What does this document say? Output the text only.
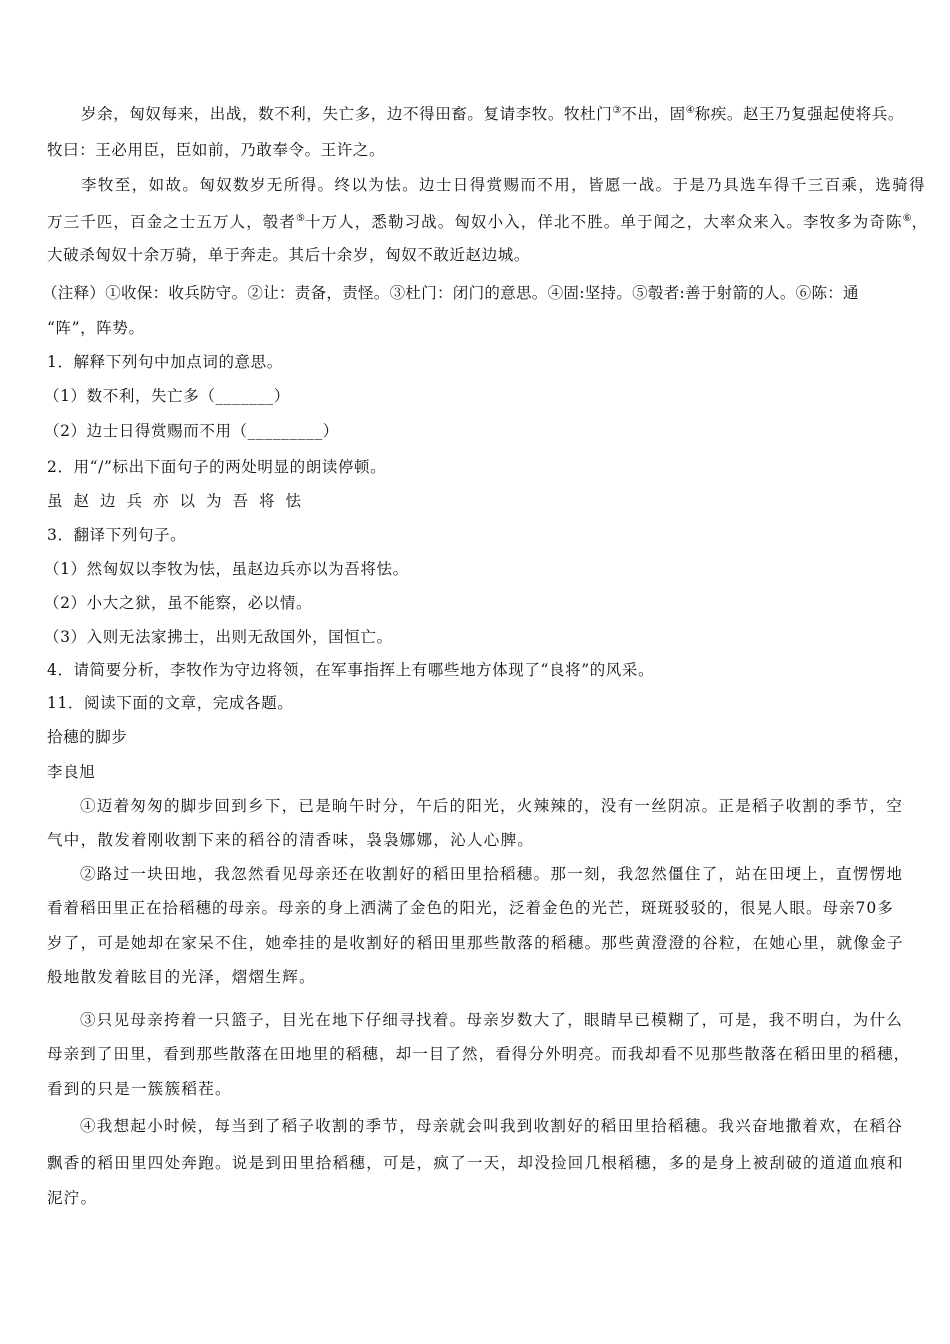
岁余，匈奴每来，出战，数不利，失亡多，边不得田畜。复请李牧。牧杜门③不出，固④称疾。赵王乃复强起使将兵。
牧曰：王必用臣，臣如前，乃敢奉令。王许之。
李牧至，如故。匈奴数岁无所得。终以为怯。边士日得赏赐而不用，皆愿一战。于是乃具选车得千三百乘，选骑得
万三千匹，百金之士五万人，彀者⑤十万人，悉勒习战。匈奴小入，佯北不胜。单于闻之，大率众来入。李牧多为奇陈⑥，
大破杀匈奴十余万骑，单于奔走。其后十余岁，匈奴不敢近赵边城。
（注释）①收保：收兵防守。②让：责备，责怪。③杜门：闭门的意思。④固:坚持。⑤彀者:善于射箭的人。⑥陈：通
“阵”，阵势。
1．解释下列句中加点词的意思。
（1）数不利，失亡多（_______）
（2）边士日得赏赐而不用（_________）
2．用“/”标出下面句子的两处明显的朗读停顿。
虽赵边兵亦以为吾将怯
3．翻译下列句子。
（1）然匈奴以李牧为怯，虽赵边兵亦以为吾将怯。
（2）小大之狱，虽不能察，必以情。
（3）入则无法家拂士，出则无敌国外，国恒亡。
4．请简要分析，李牧作为守边将领，在军事指挥上有哪些地方体现了“良将”的风采。
11．阅读下面的文章，完成各题。
拾穗的脚步
李良旭
①迈着匆匆的脚步回到乡下，已是晌午时分，午后的阳光，火辣辣的，没有一丝阴凉。正是稻子收割的季节，空
气中，散发着刚收割下来的稻谷的清香味，袅袅娜娜，沁人心脾。
②路过一块田地，我忽然看见母亲还在收割好的稻田里拾稻穗。那一刻，我忽然僵住了，站在田埂上，直愣愣地
看着稻田里正在拾稻穗的母亲。母亲的身上洒满了金色的阳光，泛着金色的光芒，斑斑驳驳的，很晃人眼。母亲70多
岁了，可是她却在家呆不住，她牵挂的是收割好的稻田里那些散落的稻穗。那些黄澄澄的谷粒，在她心里，就像金子
般地散发着眩目的光泽，熠熠生辉。
③只见母亲挎着一只篮子，目光在地下仔细寻找着。母亲岁数大了，眼睛早已模糊了，可是，我不明白，为什么
母亲到了田里，看到那些散落在田地里的稻穗，却一目了然，看得分外明亮。而我却看不见那些散落在稻田里的稻穗，
看到的只是一簇簇稻茬。
④我想起小时候，每当到了稻子收割的季节，母亲就会叫我到收割好的稻田里拾稻穗。我兴奋地撒着欢，在稻谷
飘香的稻田里四处奔跑。说是到田里拾稻穗，可是，疯了一天，却没捡回几根稻穗，多的是身上被刮破的道道血痕和
泥泞。
